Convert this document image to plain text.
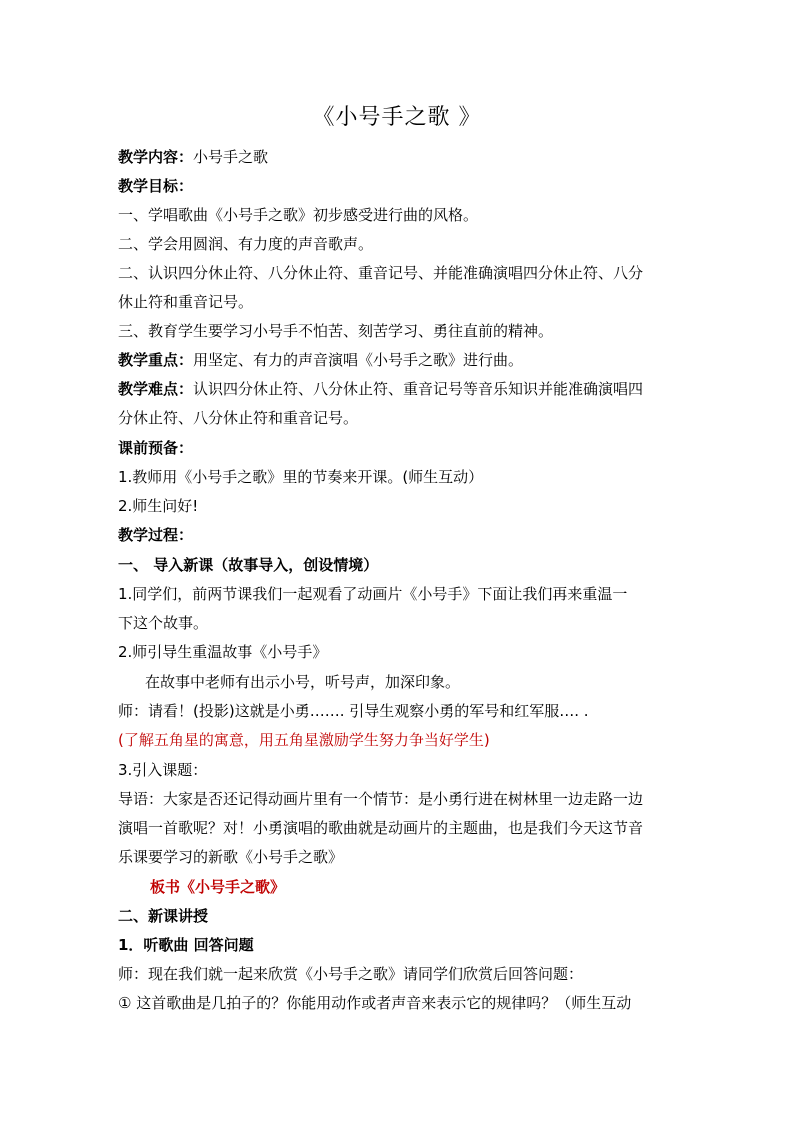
《小号手之歌 》
教学内容：小号手之歌
教学目标：
一、学唱歌曲《小号手之歌》初步感受进行曲的风格。
二、学会用圆润、有力度的声音歌声。
二、认识四分休止符、八分休止符、重音记号、并能准确演唱四分休止符、八分
休止符和重音记号。
三、教育学生要学习小号手不怕苦、刻苦学习、勇往直前的精神。
教学重点：用坚定、有力的声音演唱《小号手之歌》进行曲。
教学难点：认识四分休止符、八分休止符、重音记号等音乐知识并能准确演唱四
分休止符、八分休止符和重音记号。
课前预备：
1.教师用《小号手之歌》里的节奏来开课。(师生互动）
2.师生问好!
教学过程：
一、 导入新课（故事导入，创设情境）
1.同学们，前两节课我们一起观看了动画片《小号手》下面让我们再来重温一
下这个故事。
2.师引导生重温故事《小号手》
在故事中老师有出示小号，听号声，加深印象。
师：请看！(投影)这就是小勇……. 引导生观察小勇的军号和红军服…. .
(了解五角星的寓意，用五角星激励学生努力争当好学生)
3.引入课题：
导语：大家是否还记得动画片里有一个情节：是小勇行进在树林里一边走路一边
演唱一首歌呢？对！小勇演唱的歌曲就是动画片的主题曲，也是我们今天这节音
乐课要学习的新歌《小号手之歌》
板书《小号手之歌》
二、新课讲授
1．听歌曲 回答问题
师：现在我们就一起来欣赏《小号手之歌》请同学们欣赏后回答问题：
① 这首歌曲是几拍子的？你能用动作或者声音来表示它的规律吗？（师生互动
